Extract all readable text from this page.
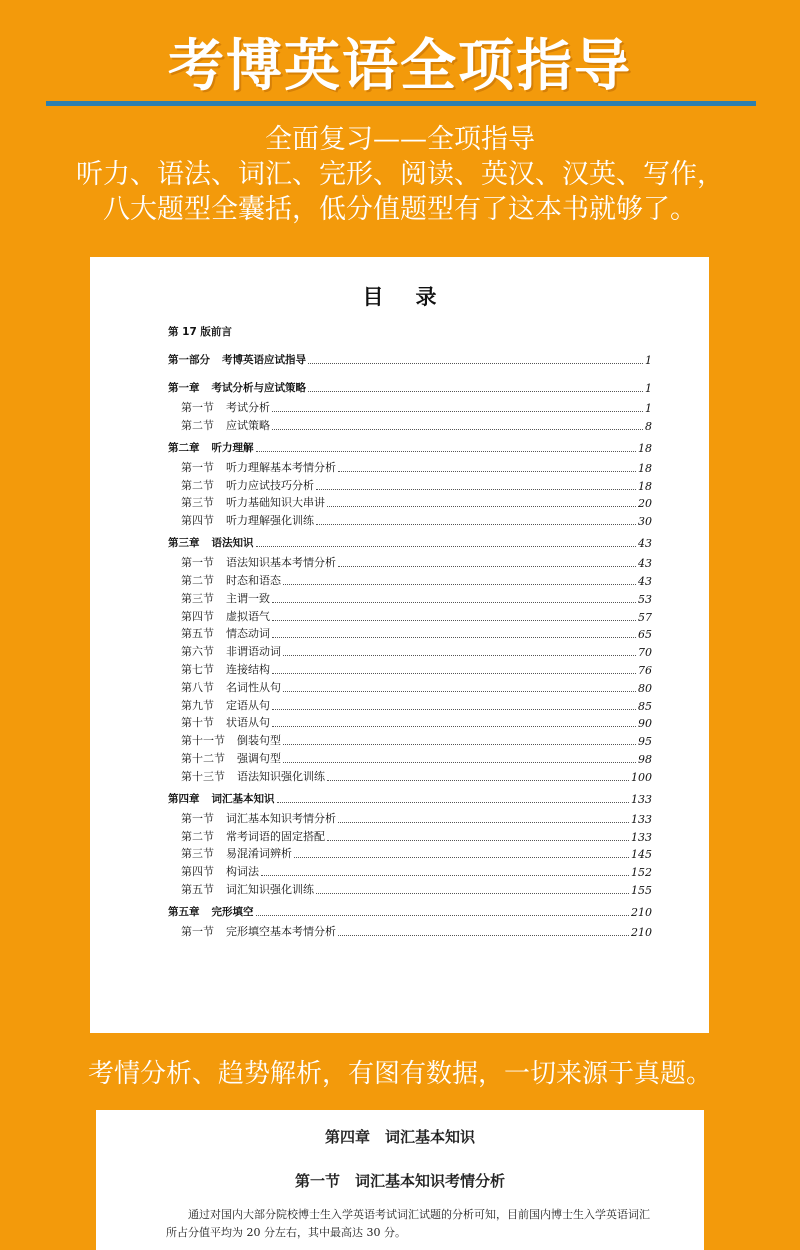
考博英语全项指导
全面复习——全项指导
听力、语法、词汇、完形、阅读、英汉、汉英、写作，
八大题型全囊括，低分值题型有了这本书就够了。
目 录
第 17 版前言
第一部分 考博英语应试指导	1
第一章 考试分析与应试策略	1
第一节 考试分析	1
第二节 应试策略	8
第二章 听力理解	18
第一节 听力理解基本考情分析	18
第二节 听力应试技巧分析	18
第三节 听力基础知识大串讲	20
第四节 听力理解强化训练	30
第三章 语法知识	43
第一节 语法知识基本考情分析	43
第二节 时态和语态	43
第三节 主谓一致	53
第四节 虚拟语气	57
第五节 情态动词	65
第六节 非谓语动词	70
第七节 连接结构	76
第八节 名词性从句	80
第九节 定语从句	85
第十节 状语从句	90
第十一节 倒装句型	95
第十二节 强调句型	98
第十三节 语法知识强化训练	100
第四章 词汇基本知识	133
第一节 词汇基本知识考情分析	133
第二节 常考词语的固定搭配	133
第三节 易混淆词辨析	145
第四节 构词法	152
第五节 词汇知识强化训练	155
第五章 完形填空	210
第一节 完形填空基本考情分析	210
考情分析、趋势解析，有图有数据，一切来源于真题。
第四章　词汇基本知识
第一节　词汇基本知识考情分析
通过对国内大部分院校博士生入学英语考试词汇试题的分析可知，目前国内博士生入学英语词汇所占分值平均为 20 分左右，其中最高达 30 分。
